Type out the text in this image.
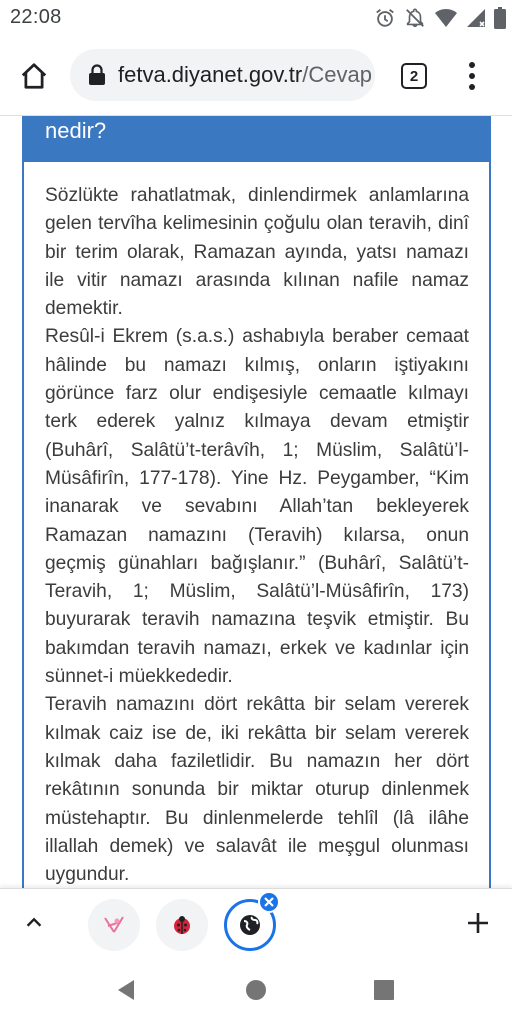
22:08
fetva.diyanet.gov.tr/Cevap	2
nedir?

Sözlükte rahatlatmak, dinlendirmek anlamlarına gelen tervîha kelimesinin çoğulu olan teravih, dinî bir terim olarak, Ramazan ayında, yatsı namazı ile vitir namazı arasında kılınan nafile namaz demektir.

Resûl-i Ekrem (s.a.s.) ashabıyla beraber cemaat hâlinde bu namazı kılmış, onların iştiyakını görünce farz olur endişesiyle cemaatle kılmayı terk ederek yalnız kılmaya devam etmiştir (Buhârî, Salâtü’t-terâvîh, 1; Müslim, Salâtü’l-Müsâfirîn, 177-178). Yine Hz. Peygamber, “Kim inanarak ve sevabını Allah’tan bekleyerek Ramazan namazını (Teravih) kılarsa, onun geçmiş günahları bağışlanır.” (Buhârî, Salâtü’t-Teravih, 1; Müslim, Salâtü’l-Müsâfirîn, 173) buyurarak teravih namazına teşvik etmiştir. Bu bakımdan teravih namazı, erkek ve kadınlar için sünnet-i müekkededir.

Teravih namazını dört rekâtta bir selam vererek kılmak caiz ise de, iki rekâtta bir selam vererek kılmak daha faziletlidir. Bu namazın her dört rekâtının sonunda bir miktar oturup dinlenmek müstehaptır. Bu dinlenmelerde tehlîl (lâ ilâhe illallah demek) ve salavât ile meşgul olunması uygundur.
